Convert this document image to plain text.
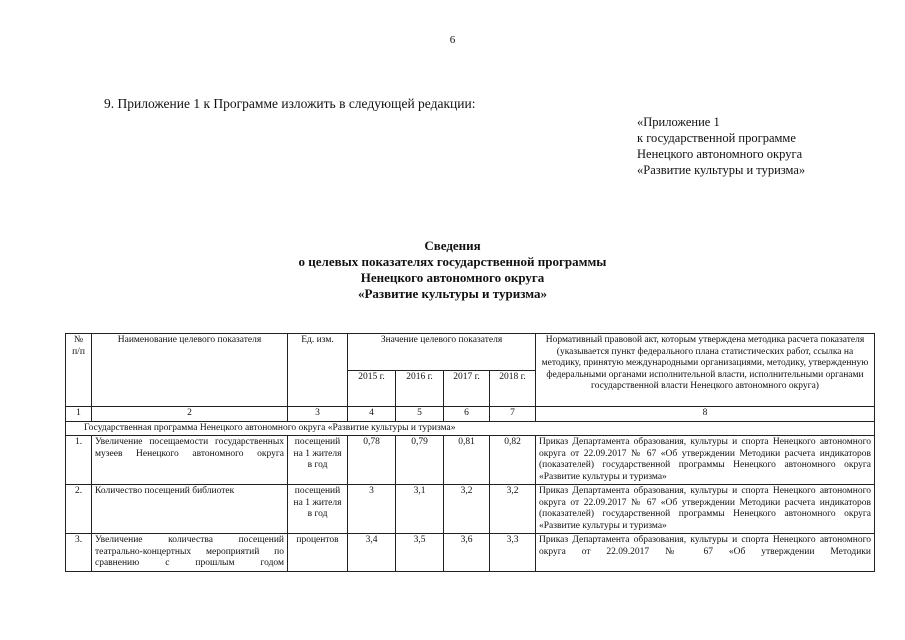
6
9. Приложение 1 к Программе изложить в следующей редакции:
«Приложение 1
к государственной программе
Ненецкого автономного округа
«Развитие культуры и туризма»
Сведения
о целевых показателях государственной программы
Ненецкого автономного округа
«Развитие культуры и туризма»
№ п/п	Наименование целевого показателя	Ед. изм.	Значение целевого показателя				Нормативный правовой акт, которым утверждена методика расчета показателя (указывается пункт федерального плана статистических работ, ссылка на методику, принятую международными организациями, методику, утвержденную федеральными органами исполнительной власти, исполнительными органами государственной власти Ненецкого автономного округа)
			2015 г.	2016 г.	2017 г.	2018 г.	
1	2	3	4	5	6	7	8
Государственная программа Ненецкого автономного округа «Развитие культуры и туризма»							
1.	Увеличение посещаемости государственных музеев Ненецкого автономного округа	посещений на 1 жителя в год	0,78	0,79	0,81	0,82	Приказ Департамента образования, культуры и спорта Ненецкого автономного округа от 22.09.2017 № 67 «Об утверждении Методики расчета индикаторов (показателей) государственной программы Ненецкого автономного округа «Развитие культуры и туризма»
2.	Количество посещений библиотек	посещений на 1 жителя в год	3	3,1	3,2	3,2	Приказ Департамента образования, культуры и спорта Ненецкого автономного округа от 22.09.2017 № 67 «Об утверждении Методики расчета индикаторов (показателей) государственной программы Ненецкого автономного округа «Развитие культуры и туризма»
3.	Увеличение количества посещений театрально-концертных мероприятий по сравнению с прошлым годом	процентов	3,4	3,5	3,6	3,3	Приказ Департамента образования, культуры и спорта Ненецкого автономного округа от 22.09.2017 № 67 «Об утверждении Методики
